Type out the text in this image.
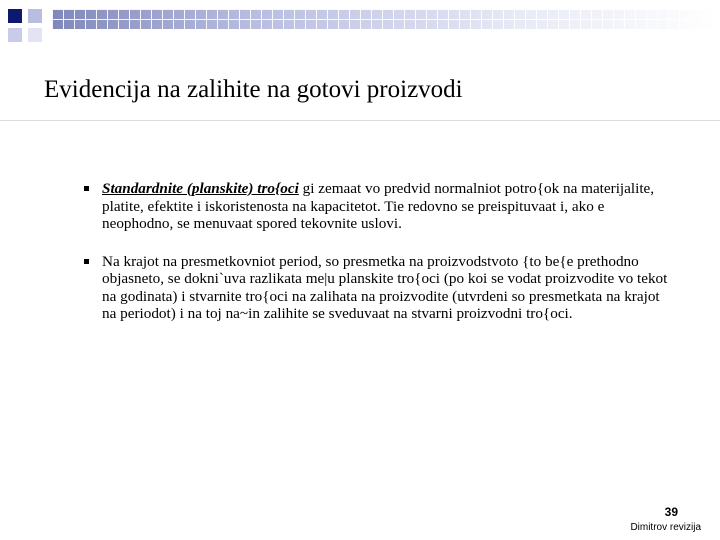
Evidencija na zalihite na gotovi proizvodi
Standardnite (planskite) tro{oci gi zemaat vo predvid normalniot potro{ok na materijalite, platite, efektite i iskoristenosta na kapacitetot. Tie redovno se preispituvaat i, ako e neophodno, se menuvaat spored tekovnite uslovi.
Na krajot na presmetkovniot period, so presmetka na proizvodstvoto {to be{e prethodno objasneto, se dokni`uva razlikata me|u planskite tro{oci (po koi se vodat proizvodite vo tekot na godinata) i stvarnite tro{oci na zalihata na proizvodite (utvrdeni so presmetkata na krajot na periodot) i na toj na~in zalihite se sveduvaat na stvarni proizvodni tro{oci.
39
Dimitrov revizija
